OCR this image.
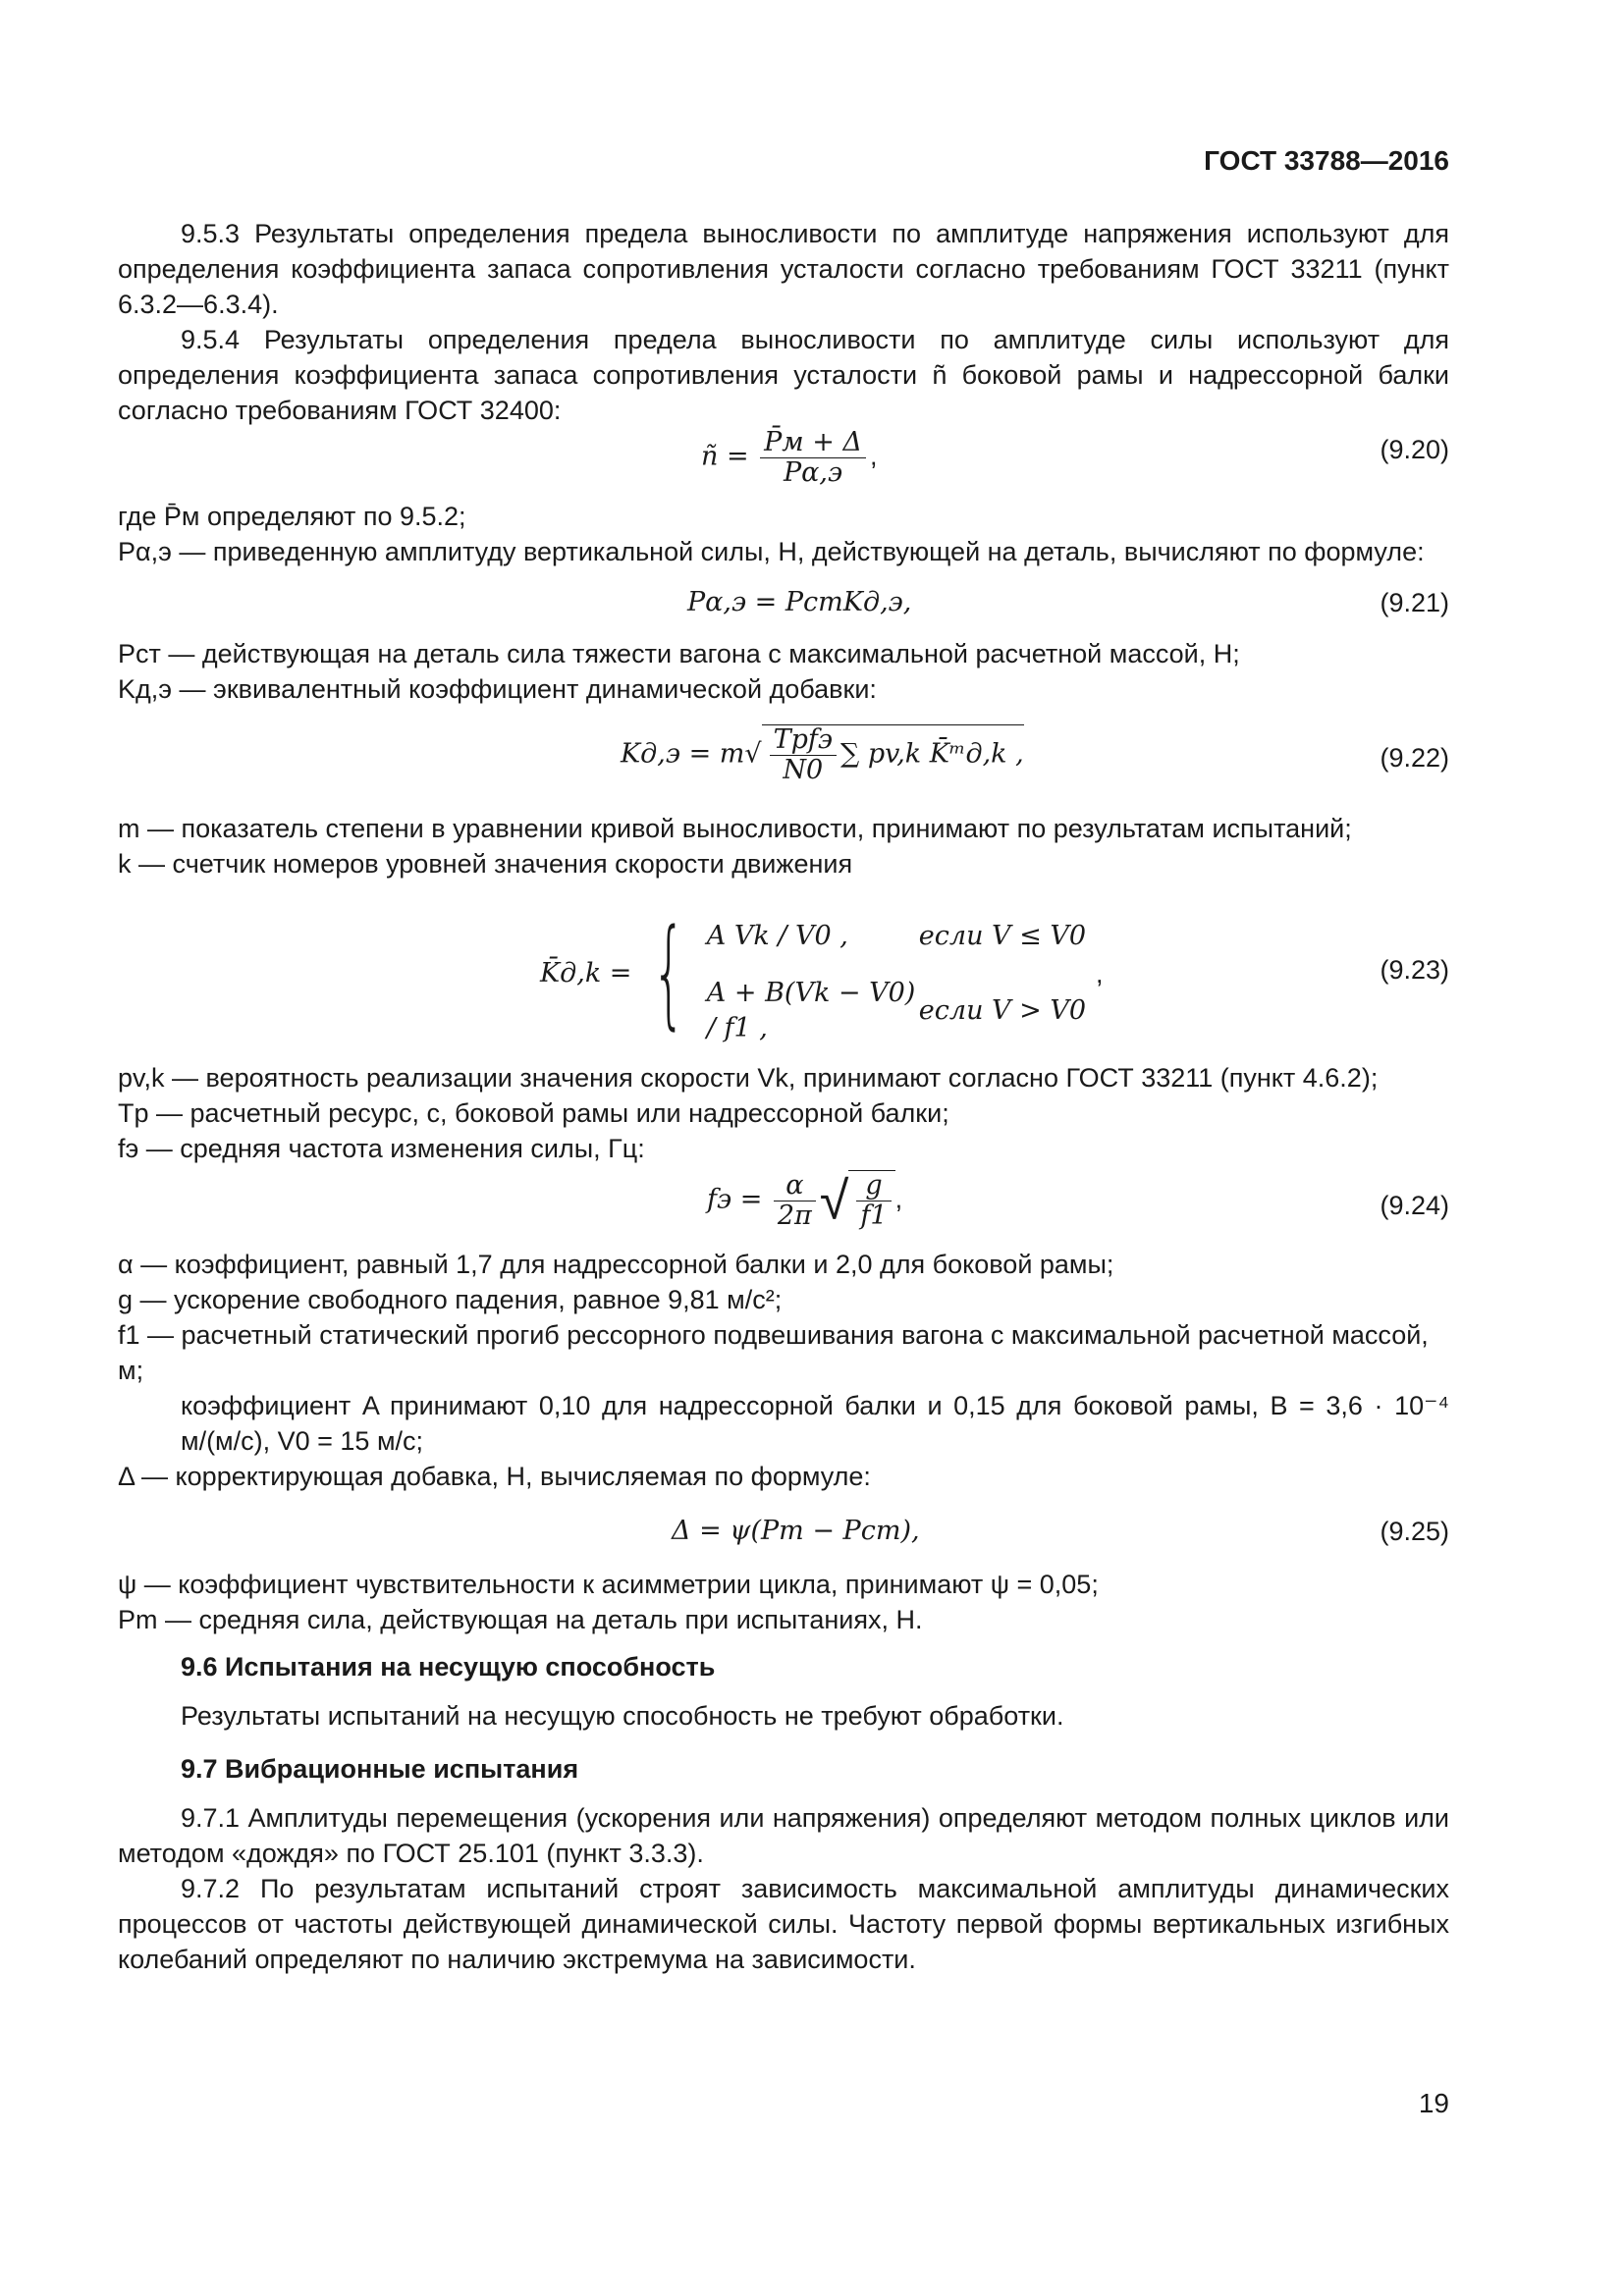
ГОСТ 33788—2016

9.5.3 Результаты определения предела выносливости по амплитуде напряжения используют для определения коэффициента запаса сопротивления усталости согласно требованиям ГОСТ 33211 (пункт 6.3.2—6.3.4).

9.5.4 Результаты определения предела выносливости по амплитуде силы используют для определения коэффициента запаса сопротивления усталости ñ боковой рамы и надрессорной балки согласно требованиям ГОСТ 32400:

ñ = $\frac{P̄м + \Delta}{P\alpha,э}$ ,	(9.20)

где P̄м определяют по 9.5.2;

Pα,э — приведенную амплитуду вертикальной силы, Н, действующей на деталь, вычисляют по формуле:

Pα,э = PстKд,э,	(9.21)

Pст — действующая на деталь сила тяжести вагона с максимальной расчетной массой, Н;

Kд,э — эквивалентный коэффициент динамической добавки:

$Kд,э = m√ \frac{\text{Tpfэ}}{N0}$ ∑ pv,k K̄ᵐд,k ,	(9.22)

m — показатель степени в уравнении кривой выносливости, принимают по результатам испытаний;

k — счетчик номеров уровней значения скорости движения

K̄д,k = { A Vk / V0 ,	если V ≤ V0
A + B(Vk − V0) / f1 ,
если V > V0
,	(9.23)

pv,k — вероятность реализации значения скорости Vk, принимают согласно ГОСТ 33211 (пункт 4.6.2);

Tp — расчетный ресурс, с, боковой рамы или надрессорной балки;

fэ — средняя частота изменения силы, Гц:

fэ = $\frac{\alpha}{2\pi}$ √ $\frac{g}{f1}$ ,	(9.24)

α — коэффициент, равный 1,7 для надрессорной балки и 2,0 для боковой рамы;

g — ускорение свободного падения, равное 9,81 м/с²;

f1 — расчетный статический прогиб рессорного подвешивания вагона с максимальной расчетной массой, м;

коэффициент A принимают 0,10 для надрессорной балки и 0,15 для боковой рамы, B = 3,6 · 10⁻⁴ м/(м/с), V0 = 15 м/с;

Δ — корректирующая добавка, Н, вычисляемая по формуле:

Δ = ψ(Pm − Pст),	(9.25)

ψ — коэффициент чувствительности к асимметрии цикла, принимают ψ = 0,05;

Pm — средняя сила, действующая на деталь при испытаниях, Н.

9.6 Испытания на несущую способность

Результаты испытаний на несущую способность не требуют обработки.

9.7 Вибрационные испытания

9.7.1 Амплитуды перемещения (ускорения или напряжения) определяют методом полных циклов или методом «дождя» по ГОСТ 25.101 (пункт 3.3.3).

9.7.2 По результатам испытаний строят зависимость максимальной амплитуды динамических процессов от частоты действующей динамической силы. Частоту первой формы вертикальных изгибных колебаний определяют по наличию экстремума на зависимости.

19
